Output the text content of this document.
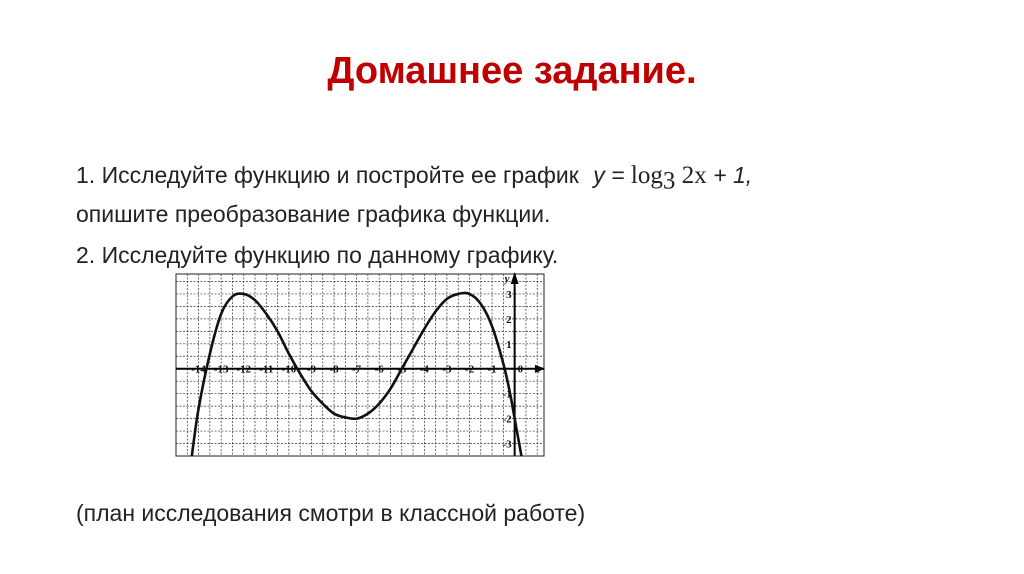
Домашнее задание.
1. Исследуйте функцию и постройте ее график $y = \log_3 2x + 1$,
опишите преобразование графика функции.
2. Исследуйте функцию по данному графику.
-14 -13 -12 -11 -10 -9 -8 -7 -6 -5 -4 -3 -2 -1 0
3
2
1
-1
-2
-3
x
y
(план исследования смотри в классной работе)
